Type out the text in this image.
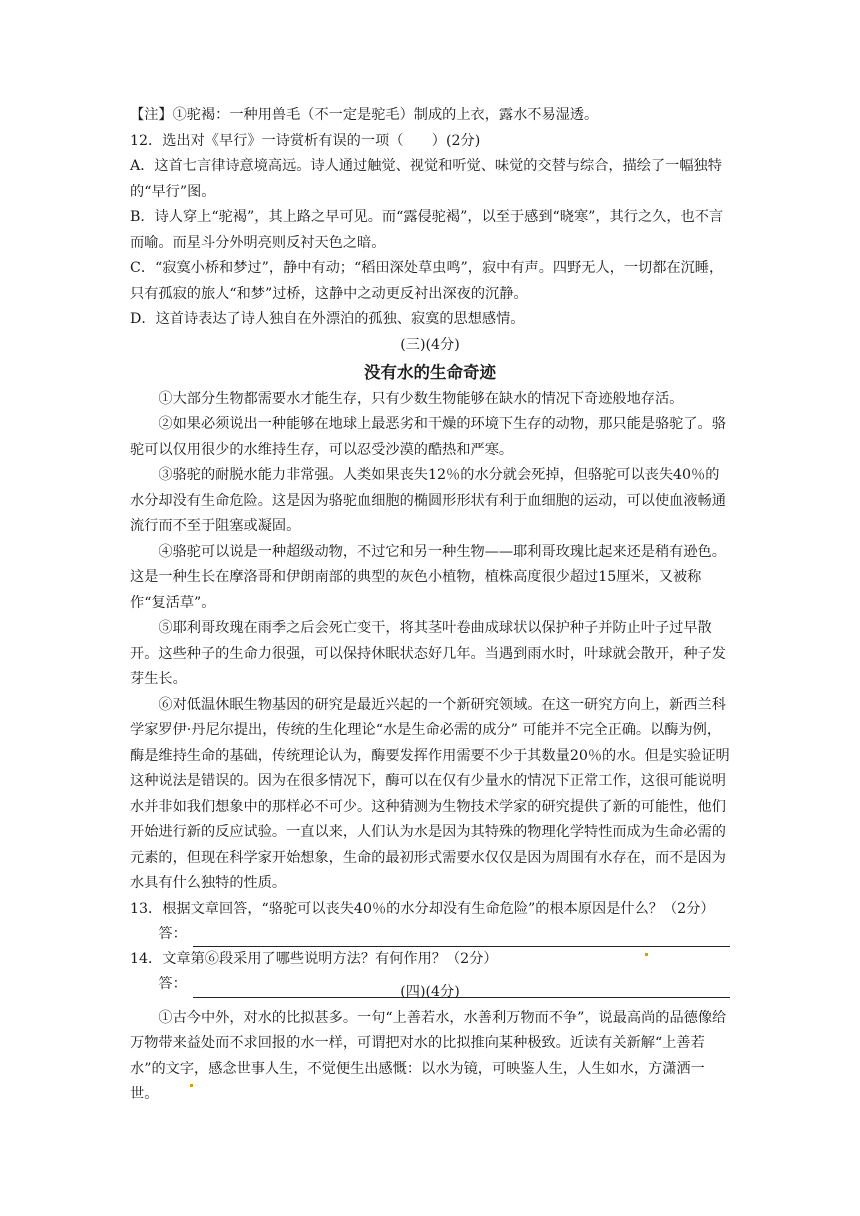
【注】①驼褐：一种用兽毛（不一定是驼毛）制成的上衣，露水不易湿透。

12．选出对《早行》一诗赏析有误的一项（　　）(2分)

A．这首七言律诗意境高远。诗人通过触觉、视觉和听觉、味觉的交替与综合，描绘了一幅独特的“早行”图。

B．诗人穿上“驼褐”，其上路之早可见。而“露侵驼褐”，以至于感到“晓寒”，其行之久，也不言而喻。而星斗分外明亮则反衬天色之暗。

C．“寂寞小桥和梦过”，静中有动；“稻田深处草虫鸣”，寂中有声。四野无人，一切都在沉睡，只有孤寂的旅人“和梦”过桥，这静中之动更反衬出深夜的沉静。

D．这首诗表达了诗人独自在外漂泊的孤独、寂寞的思想感情。

(三)(4分)

没有水的生命奇迹

①大部分生物都需要水才能生存，只有少数生物能够在缺水的情况下奇迹般地存活。

②如果必须说出一种能够在地球上最恶劣和干燥的环境下生存的动物，那只能是骆驼了。骆驼可以仅用很少的水维持生存，可以忍受沙漠的酷热和严寒。

③骆驼的耐脱水能力非常强。人类如果丧失12％的水分就会死掉，但骆驼可以丧失40％的水分却没有生命危险。这是因为骆驼血细胞的椭圆形形状有利于血细胞的运动，可以使血液畅通流行而不至于阻塞或凝固。

④骆驼可以说是一种超级动物，不过它和另一种生物——耶利哥玫瑰比起来还是稍有逊色。这是一种生长在摩洛哥和伊朗南部的典型的灰色小植物，植株高度很少超过15厘米，又被称作“复活草”。

⑤耶利哥玫瑰在雨季之后会死亡变干，将其茎叶卷曲成球状以保护种子并防止叶子过早散开。这些种子的生命力很强，可以保持休眠状态好几年。当遇到雨水时，叶球就会散开，种子发芽生长。

⑥对低温休眠生物基因的研究是最近兴起的一个新研究领域。在这一研究方向上，新西兰科学家罗伊·丹尼尔提出，传统的生化理论“水是生命必需的成分” 可能并不完全正确。以酶为例，酶是维持生命的基础，传统理论认为，酶要发挥作用需要不少于其数量20％的水。但是实验证明这种说法是错误的。因为在很多情况下，酶可以在仅有少量水的情况下正常工作，这很可能说明水并非如我们想象中的那样必不可少。这种猜测为生物技术学家的研究提供了新的可能性，他们开始进行新的反应试验。一直以来，人们认为水是因为其特殊的物理化学特性而成为生命必需的元素的，但现在科学家开始想象，生命的最初形式需要水仅仅是因为周围有水存在，而不是因为水具有什么独特的性质。

13．根据文章回答，“骆驼可以丧失40％的水分却没有生命危险”的根本原因是什么？（2分）

答：

14．文章第⑥段采用了哪些说明方法？有何作用？（2分）

答：	(四)(4分)

①古今中外，对水的比拟甚多。一句“上善若水，水善利万物而不争”，说最高尚的品德像给万物带来益处而不求回报的水一样，可谓把对水的比拟推向某种极致。近读有关新解“上善若水”的文字，感念世事人生，不觉便生出感慨：以水为镜，可映鉴人生，人生如水，方潇洒一世。
